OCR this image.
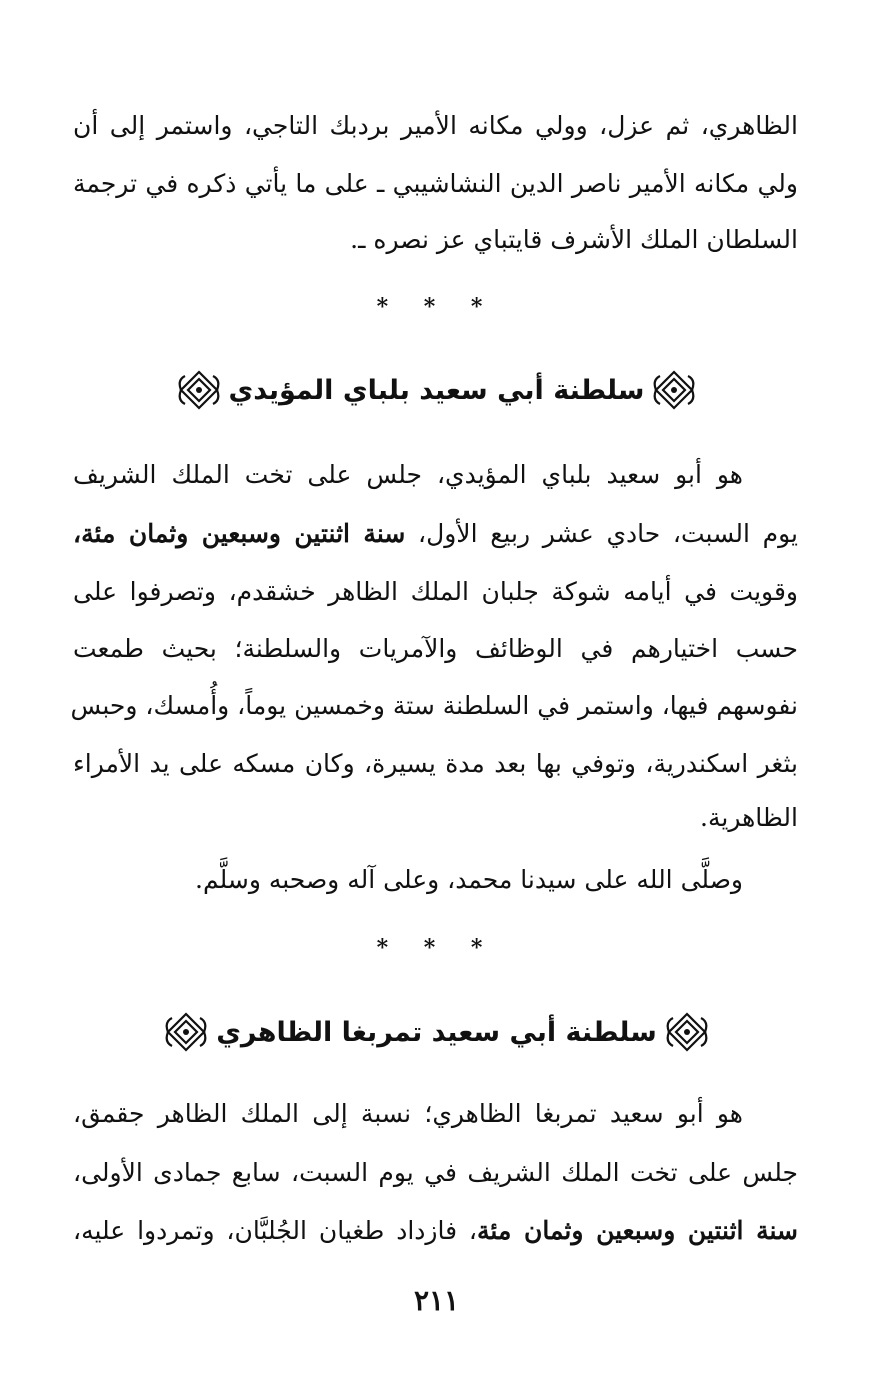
الظاهري، ثم عزل، وولي مكانه الأمير بردبك التاجي، واستمر إلى أن
ولي مكانه الأمير ناصر الدين النشاشيبي ـ على ما يأتي ذكره في ترجمة
السلطان الملك الأشرف قايتباي عز نصره ـ.
* * *
سلطنة أبي سعيد بلباي المؤيدي
هو أبو سعيد بلباي المؤيدي، جلس على تخت الملك الشريف
يوم السبت، حادي عشر ربيع الأول، سنة اثنتين وسبعين وثمان مئة،
وقويت في أيامه شوكة جلبان الملك الظاهر خشقدم، وتصرفوا على
حسب اختيارهم في الوظائف والآمريات والسلطنة؛ بحيث طمعت
نفوسهم فيها، واستمر في السلطنة ستة وخمسين يوماً، وأُمسك، وحبس
بثغر اسكندرية، وتوفي بها بعد مدة يسيرة، وكان مسكه على يد الأمراء
الظاهرية.
وصلَّى الله على سيدنا محمد، وعلى آله وصحبه وسلَّم.
* * *
سلطنة أبي سعيد تمربغا الظاهري
هو أبو سعيد تمربغا الظاهري؛ نسبة إلى الملك الظاهر جقمق،
جلس على تخت الملك الشريف في يوم السبت، سابع جمادى الأولى،
سنة اثنتين وسبعين وثمان مئة، فازداد طغيان الجُلبَّان، وتمردوا عليه،
٢١١
